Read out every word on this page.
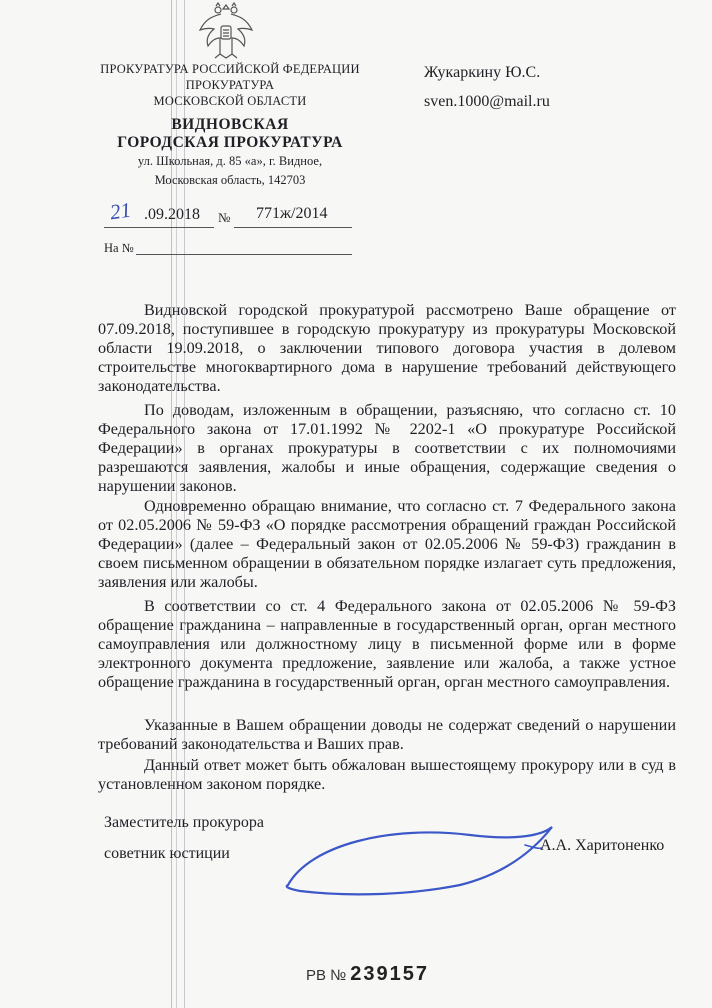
ПРОКУРАТУРА РОССИЙСКОЙ ФЕДЕРАЦИИ
ПРОКУРАТУРА
МОСКОВСКОЙ ОБЛАСТИ
ВИДНОВСКАЯ
ГОРОДСКАЯ ПРОКУРАТУРА
ул. Школьная, д. 85 «а», г. Видное,
Московская область, 142703
Жукаркину Ю.С.
sven.1000@mail.ru
21 .09.2018 № 771ж/2014
На №
Видновской городской прокуратурой рассмотрено Ваше обращение от 07.09.2018, поступившее в городскую прокуратуру из прокуратуры Московской области 19.09.2018, о заключении типового договора участия в долевом строительстве многоквартирного дома в нарушение требований действующего законодательства.
По доводам, изложенным в обращении, разъясняю, что согласно ст. 10 Федерального закона от 17.01.1992 № 2202-1 «О прокуратуре Российской Федерации» в органах прокуратуры в соответствии с их полномочиями разрешаются заявления, жалобы и иные обращения, содержащие сведения о нарушении законов.
Одновременно обращаю внимание, что согласно ст. 7 Федерального закона от 02.05.2006 № 59-ФЗ «О порядке рассмотрения обращений граждан Российской Федерации» (далее – Федеральный закон от 02.05.2006 № 59-ФЗ) гражданин в своем письменном обращении в обязательном порядке излагает суть предложения, заявления или жалобы.
В соответствии со ст. 4 Федерального закона от 02.05.2006 № 59-ФЗ обращение гражданина – направленные в государственный орган, орган местного самоуправления или должностному лицу в письменной форме или в форме электронного документа предложение, заявление или жалоба, а также устное обращение гражданина в государственный орган, орган местного самоуправления.
Указанные в Вашем обращении доводы не содержат сведений о нарушении требований законодательства и Ваших прав.
Данный ответ может быть обжалован вышестоящему прокурору или в суд в установленном законом порядке.
Заместитель прокурора
советник юстиции	А.А. Харитоненко
РВ № 239157
